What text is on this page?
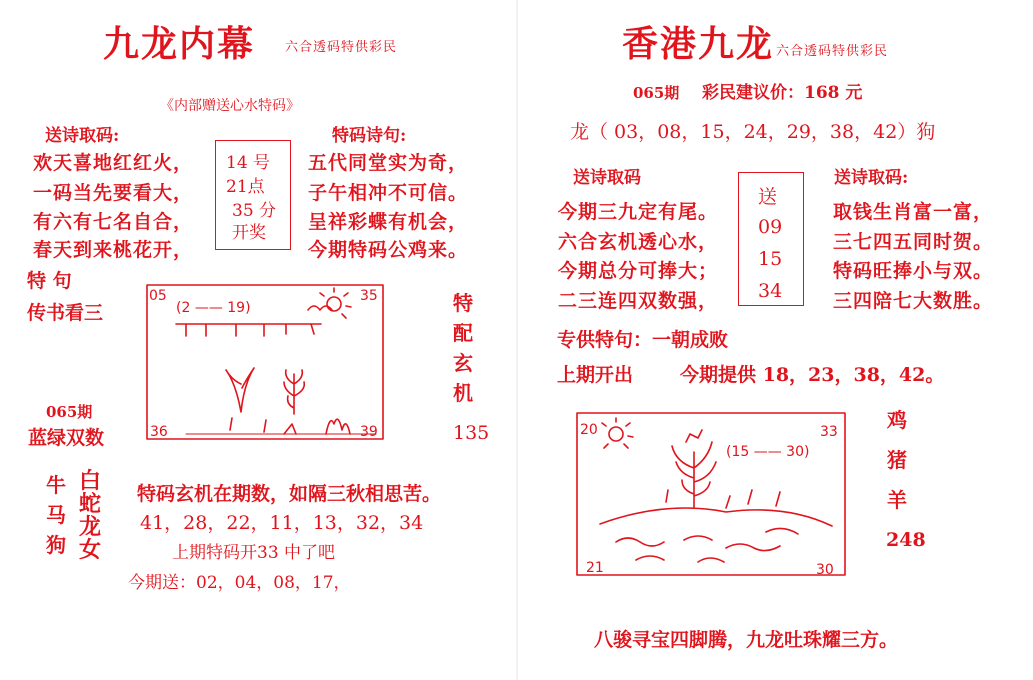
九龙内幕 六合透码特供彩民
《内部赠送心水特码》
送诗取码:
欢天喜地红红火，
一码当先要看大，
有六有七名自合，
春天到来桃花开，
14 号
21点
35 分
开奖
特码诗句:
五代同堂实为奇，
子午相冲不可信。
呈祥彩蝶有机会，
今期特码公鸡来。
特 句
传书看三
05	35
36	39
(2 —— 19)	特
配
玄
机
135
065期
蓝绿双数
牛
马
狗
白
蛇
龙
女
特码玄机在期数，如隔三秋相思苦。
41，28，22，11，13，32，34
上期特码开33 中了吧
今期送：02，04，08，17，
香港九龙 六合透码特供彩民
065期 彩民建议价：168 元
龙（ 03，08，15，24，29，38，42）狗
送诗取码
今期三九定有尾。
六合玄机透心水，
今期总分可捧大；
二三连四双数强，
送
09
15
34
送诗取码:
取钱生肖富一富，
三七四五同时贺。
特码旺捧小与双。
三四陪七大数胜。
专供特句：一朝成败
上期开出 今期提供 18，23，38，42。
20	33
21	30
(15 —— 30)
鸡
猪
羊
248
八骏寻宝四脚腾，九龙吐珠耀三方。
